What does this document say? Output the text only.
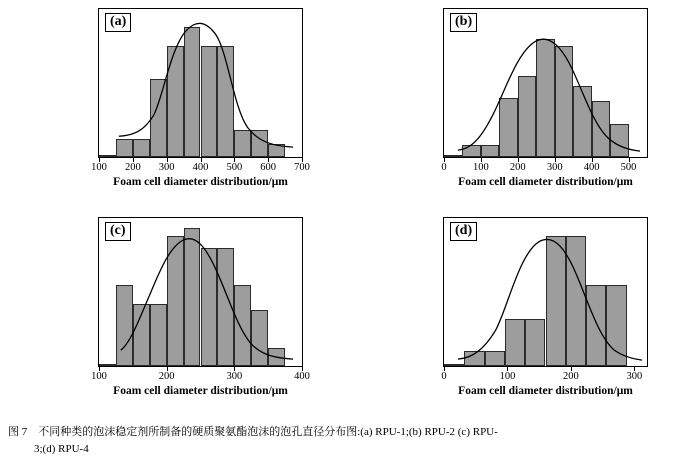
(a)
100 200 300 400 500 600 700
Foam cell diameter distribution/μm
(b)
0	100 200 300 400 500
Foam cell diameter distribution/μm
(c)
100	200	300	400
Foam cell diameter distribution/μm
(d)
0	100	200	300
Foam cell diameter distribution/μm
图 7　不同种类的泡沫稳定剂所制备的硬质聚氨酯泡沫的泡孔直径分布图:(a) RPU-1;(b) RPU-2 (c) RPU-
3;(d) RPU-4
